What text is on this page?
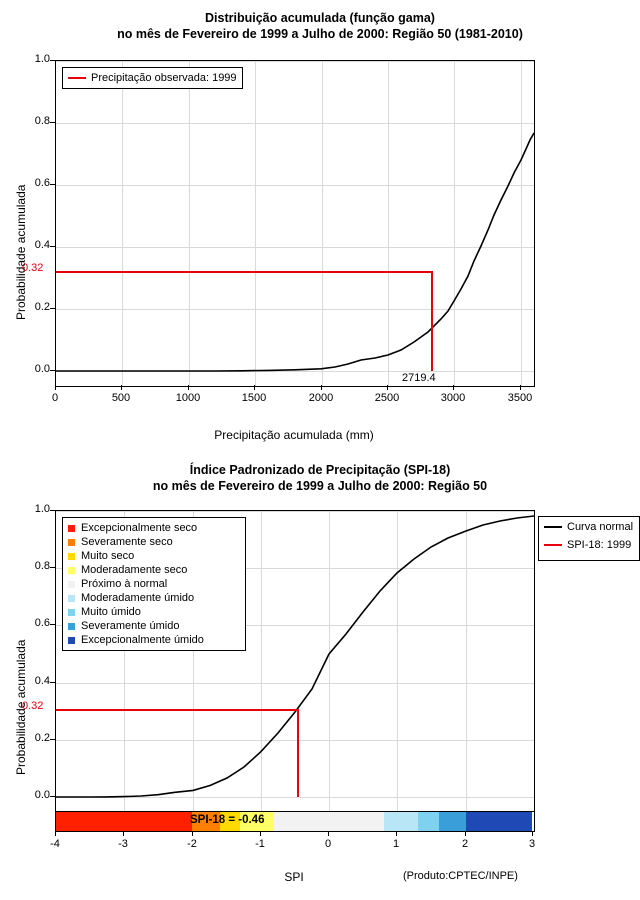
Distribuição acumulada (função gama)
no mês de Fevereiro de 1999 a Julho de 2000: Região 50 (1981-2010)
Probabilidade acumulada
Precipitação observada: 1999
0.32
2719.4
0.0
0.2
0.4
0.6
0.8
1.0
0	500	1000	1500	2000	2500	3000	3500
Precipitação acumulada (mm)
Índice Padronizado de Precipitação (SPI-18)
no mês de Fevereiro de 1999 a Julho de 2000: Região 50
Probabilidade acumulada
Excepcionalmente seco
Severamente seco
Muito seco
Moderadamente seco
Próximo à normal
Moderadamente úmido
Muito úmido
Severamente úmido
Excepcionalmente úmido
Curva normal
SPI-18: 1999
0.32
0.0
0.2
0.4
0.6
0.8
1.0
SPI-18 = -0.46
-4	-3	-2	-1	0	1	2	3
SPI	(Produto:CPTEC/INPE)
